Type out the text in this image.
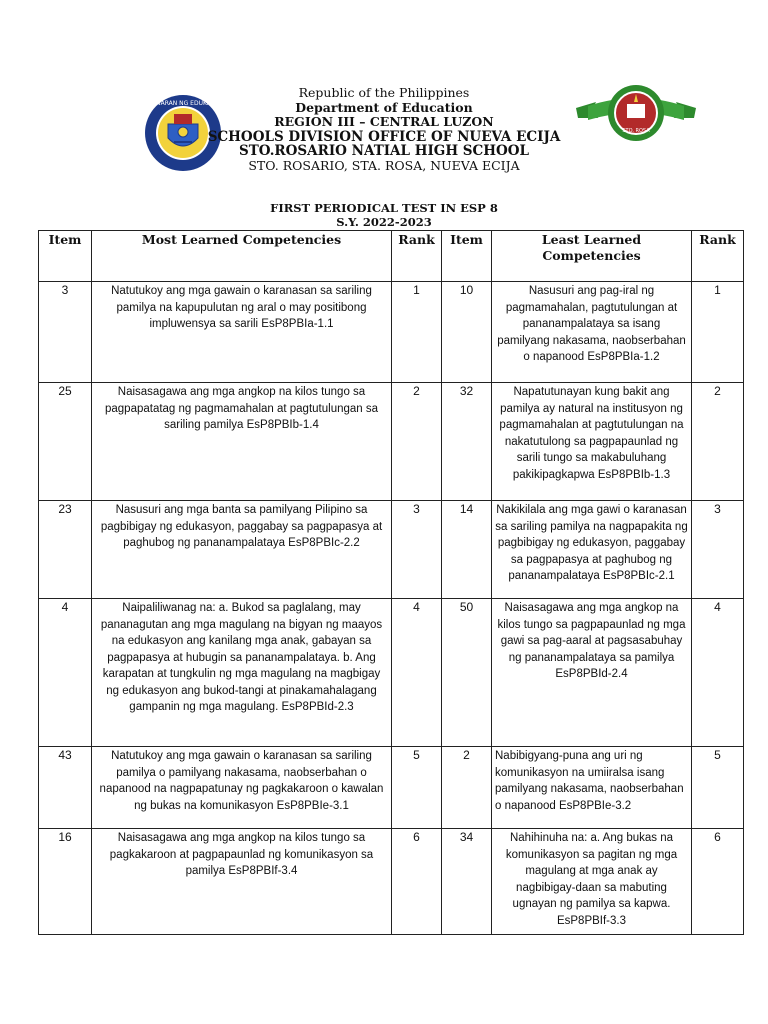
KAGAWARAN NG EDUKASYON
STO. ROSA
Republic of the Philippines
Department of Education
REGION III – CENTRAL LUZON
SCHOOLS DIVISION OFFICE OF NUEVA ECIJA
STO.ROSARIO NATIAL HIGH SCHOOL
STO. ROSARIO, STA. ROSA, NUEVA ECIJA
FIRST PERIODICAL TEST IN ESP 8
S.Y. 2022-2023
Item	Most Learned Competencies	Rank	Item	Least Learned Competencies	Rank
3	Natutukoy ang mga gawain o karanasan sa sariling pamilya na kapupulutan ng aral o may positibong impluwensya sa sarili EsP8PBIa-1.1	1	10	Nasusuri ang pag-iral ng pagmamahalan, pagtutulungan at pananampalataya sa isang pamilyang nakasama, naobserbahan o napanood EsP8PBIa-1.2	1
25	Naisasagawa ang mga angkop na kilos tungo sa pagpapatatag ng pagmamahalan at pagtutulungan sa sariling pamilya EsP8PBIb-1.4	2	32	Napatutunayan kung bakit ang pamilya ay natural na institusyon ng pagmamahalan at pagtutulungan na nakatutulong sa pagpapaunlad ng sarili tungo sa makabuluhang pakikipagkapwa EsP8PBIb-1.3	2
23	Nasusuri ang mga banta sa pamilyang Pilipino sa pagbibigay ng edukasyon, paggabay sa pagpapasya at paghubog ng pananampalataya EsP8PBIc-2.2	3	14	Nakikilala ang mga gawi o karanasan sa sariling pamilya na nagpapakita ng pagbibigay ng edukasyon, paggabay sa pagpapasya at paghubog ng pananampalataya EsP8PBIc-2.1	3
4	Naipaliliwanag na: a. Bukod sa paglalang, may pananagutan ang mga magulang na bigyan ng maayos na edukasyon ang kanilang mga anak, gabayan sa pagpapasya at hubugin sa pananampalataya. b. Ang karapatan at tungkulin ng mga magulang na magbigay ng edukasyon ang bukod-tangi at pinakamahalagang gampanin ng mga magulang. EsP8PBId-2.3	4	50	Naisasagawa ang mga angkop na kilos tungo sa pagpapaunlad ng mga gawi sa pag-aaral at pagsasabuhay ng pananampalataya sa pamilya EsP8PBId-2.4	4
43	Natutukoy ang mga gawain o karanasan sa sariling pamilya o pamilyang nakasama, naobserbahan o napanood na nagpapatunay ng pagkakaroon o kawalan ng bukas na komunikasyon EsP8PBIe-3.1	5	2	Nabibigyang-puna ang uri ng komunikasyon na umiiralsa isang pamilyang nakasama, naobserbahan o napanood EsP8PBIe-3.2	5
16	Naisasagawa ang mga angkop na kilos tungo sa pagkakaroon at pagpapaunlad ng komunikasyon sa pamilya EsP8PBIf-3.4	6	34	Nahihinuha na: a. Ang bukas na komunikasyon sa pagitan ng mga magulang at mga anak ay nagbibigay-daan sa mabuting ugnayan ng pamilya sa kapwa. EsP8PBIf-3.3	6
